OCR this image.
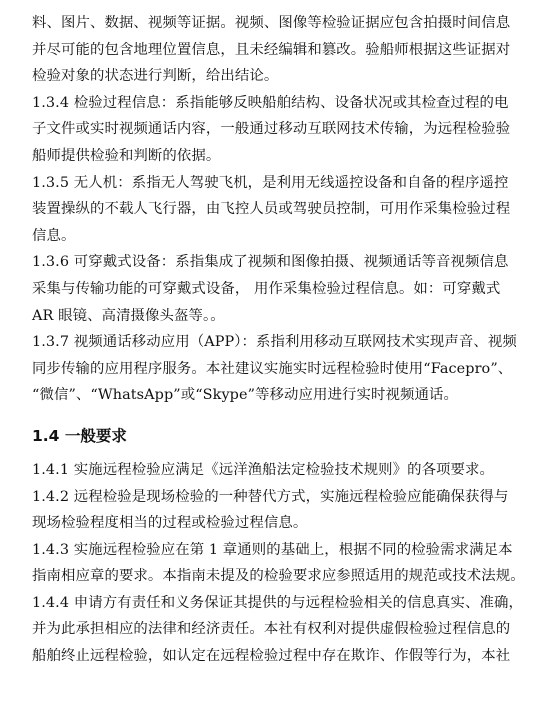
料、图片、数据、视频等证据。视频、图像等检验证据应包含拍摄时间信息
并尽可能的包含地理位置信息，且未经编辑和篡改。验船师根据这些证据对
检验对象的状态进行判断，给出结论。

1.3.4 检验过程信息：系指能够反映船舶结构、设备状况或其检查过程的电
子文件或实时视频通话内容，一般通过移动互联网技术传输，为远程检验验
船师提供检验和判断的依据。

1.3.5 无人机：系指无人驾驶飞机，是利用无线遥控设备和自备的程序遥控
装置操纵的不载人飞行器，由飞控人员或驾驶员控制，可用作采集检验过程
信息。

1.3.6 可穿戴式设备：系指集成了视频和图像拍摄、视频通话等音视频信息
采集与传输功能的可穿戴式设备， 用作采集检验过程信息。如：可穿戴式
AR 眼镜、高清摄像头盔等。。

1.3.7 视频通话移动应用（APP）：系指利用移动互联网技术实现声音、视频
同步传输的应用程序服务。本社建议实施实时远程检验时使用“Facepro”、
“微信”、“WhatsApp”或“Skype”等移动应用进行实时视频通话。

1.4 一般要求

1.4.1 实施远程检验应满足《远洋渔船法定检验技术规则》的各项要求。

1.4.2 远程检验是现场检验的一种替代方式，实施远程检验应能确保获得与
现场检验程度相当的过程或检验过程信息。

1.4.3 实施远程检验应在第 1 章通则的基础上，根据不同的检验需求满足本
指南相应章的要求。本指南未提及的检验要求应参照适用的规范或技术法规。

1.4.4 申请方有责任和义务保证其提供的与远程检验相关的信息真实、准确，
并为此承担相应的法律和经济责任。本社有权利对提供虚假检验过程信息的
船舶终止远程检验，如认定在远程检验过程中存在欺诈、作假等行为，本社
